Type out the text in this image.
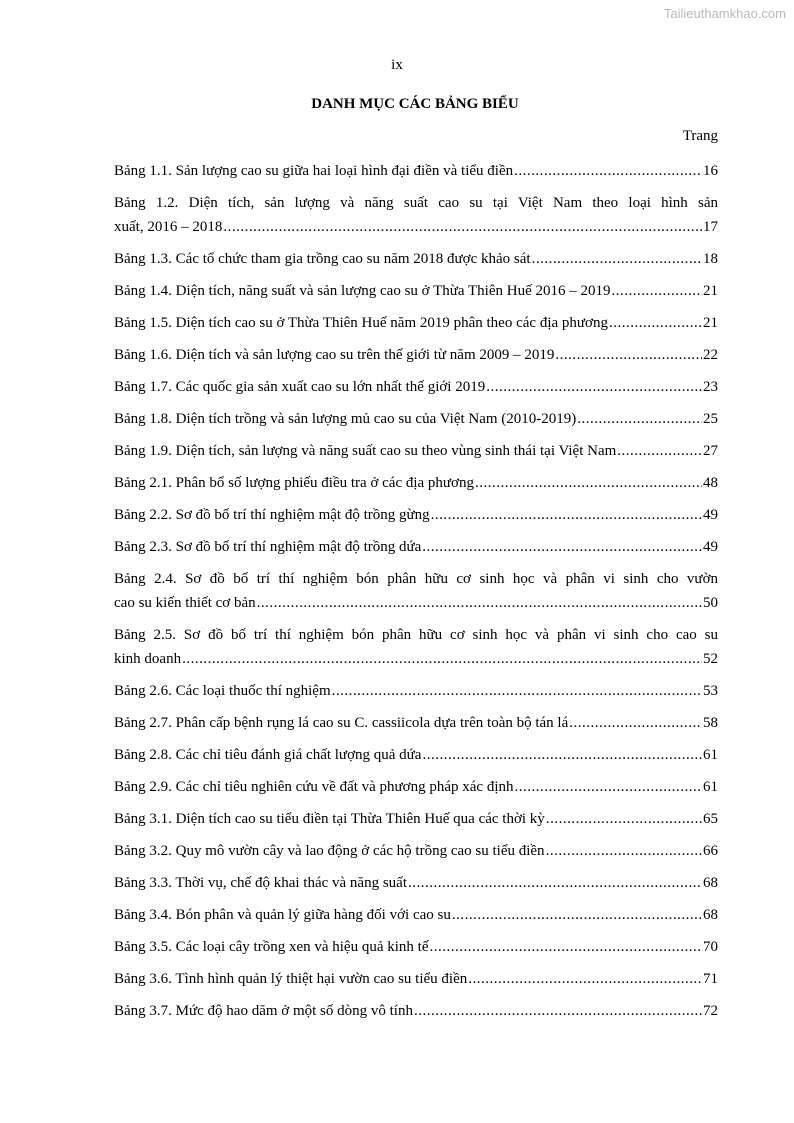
Tailieuthamkhao.com
ix
DANH MỤC CÁC BẢNG BIỂU
Trang
Bảng 1.1. Sản lượng cao su giữa hai loại hình đại điền và tiểu điền .....	16
Bảng 1.2. Diện tích, sản lượng và năng suất cao su tại Việt Nam theo loại hình sản
xuất, 2016 – 2018 .....	17
Bảng 1.3. Các tổ chức tham gia trồng cao su năm 2018 được khảo sát .....	18
Bảng 1.4. Diện tích, năng suất và sản lượng cao su ở Thừa Thiên Huế 2016 – 2019 .....	21
Bảng 1.5. Diện tích cao su ở Thừa Thiên Huế năm 2019 phân theo các địa phương .....	21
Bảng 1.6. Diện tích và sản lượng cao su trên thế giới từ năm 2009 – 2019 .....	22
Bảng 1.7. Các quốc gia sản xuất cao su lớn nhất thế giới 2019 .....	23
Bảng 1.8. Diện tích trồng và sản lượng mủ cao su của Việt Nam (2010-2019) .....	25
Bảng 1.9. Diện tích, sản lượng và năng suất cao su theo vùng sinh thái tại Việt Nam .....	27
Bảng 2.1. Phân bổ số lượng phiếu điều tra ở các địa phương .....	48
Bảng 2.2. Sơ đồ bố trí thí nghiệm mật độ trồng gừng .....	49
Bảng 2.3. Sơ đồ bố trí thí nghiệm mật độ trồng dứa .....	49
Bảng 2.4. Sơ đồ bố trí thí nghiệm bón phân hữu cơ sinh học và phân vi sinh cho vườn
cao su kiến thiết cơ bản .....	50
Bảng 2.5. Sơ đồ bố trí thí nghiệm bón phân hữu cơ sinh học và phân vi sinh cho cao su
kinh doanh .....	52
Bảng 2.6. Các loại thuốc thí nghiệm .....	53
Bảng 2.7. Phân cấp bệnh rụng lá cao su C. cassiicola dựa trên toàn bộ tán lá .....	58
Bảng 2.8. Các chỉ tiêu đánh giá chất lượng quả dứa .....	61
Bảng 2.9. Các chỉ tiêu nghiên cứu về đất và phương pháp xác định .....	61
Bảng 3.1. Diện tích cao su tiểu điền tại Thừa Thiên Huế qua các thời kỳ .....	65
Bảng 3.2. Quy mô vườn cây và lao động ở các hộ trồng cao su tiểu điền .....	66
Bảng 3.3. Thời vụ, chế độ khai thác và năng suất .....	68
Bảng 3.4. Bón phân và quản lý giữa hàng đối với cao su .....	68
Bảng 3.5. Các loại cây trồng xen và hiệu quả kinh tế .....	70
Bảng 3.6. Tình hình quản lý thiệt hại vườn cao su tiểu điền .....	71
Bảng 3.7. Mức độ hao dăm ở một số dòng vô tính .....	72
